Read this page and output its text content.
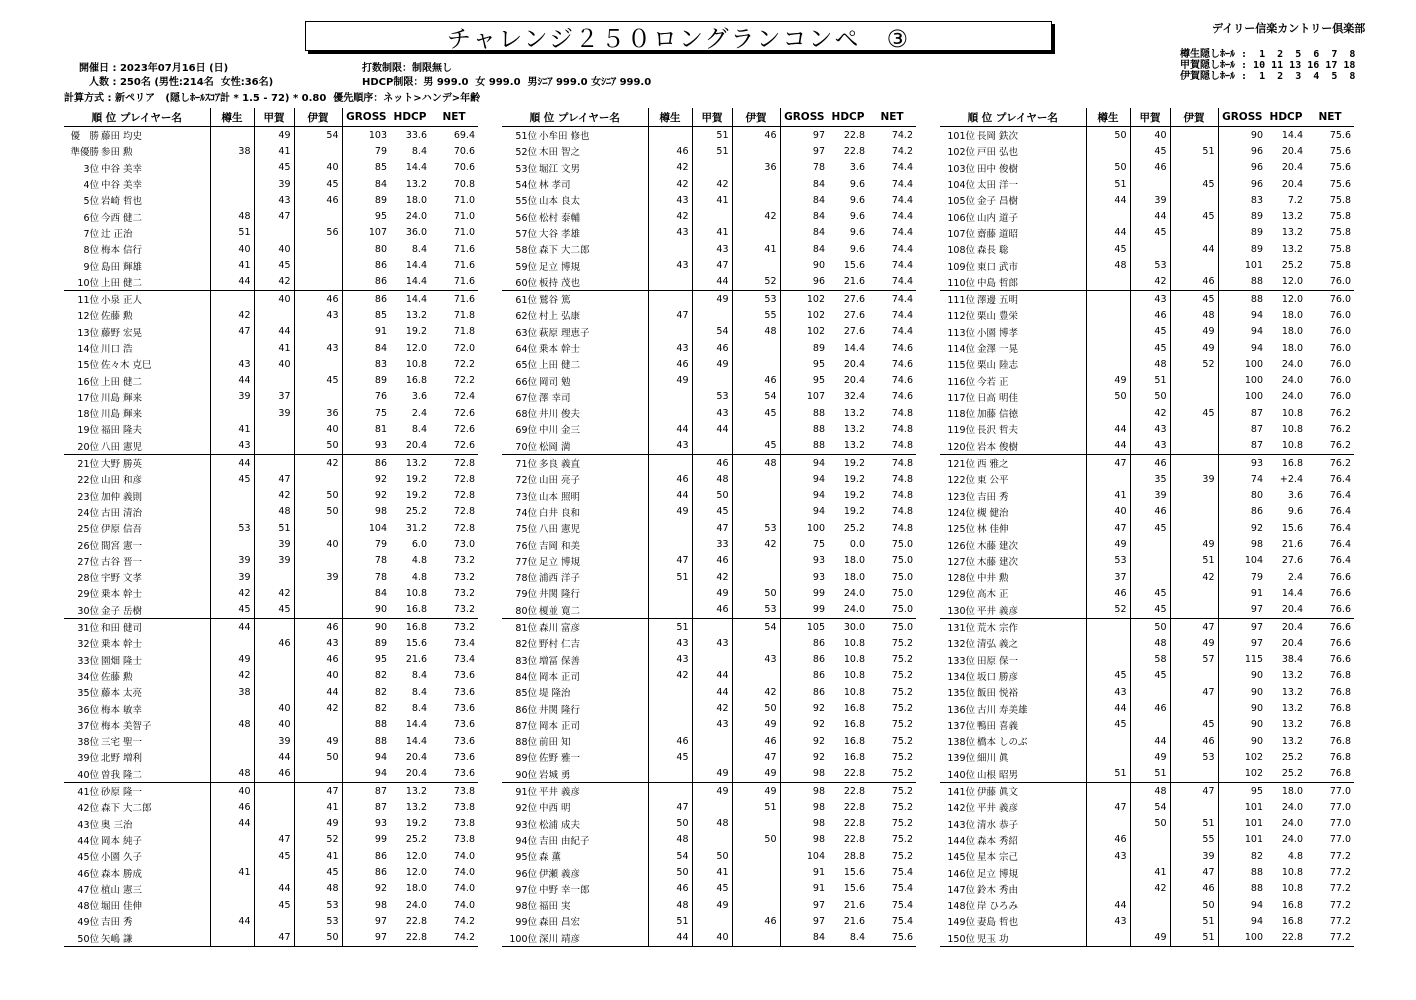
チャレンジ２５０ロングランコンペ　③	デイリー信楽カントリー倶楽部
樽生隠しﾎｰﾙ :  1  2  5  6  7  8
甲賀隠しﾎｰﾙ : 10 11 13 16 17 18
伊賀隠しﾎｰﾙ :  1  2  3  4  5  8
開催日 : 2023年07月16日 (日)
人数 : 250名 (男性:214名  女性:36名)
計算方式 : 新ペリア   (隠しﾎｰﾙｽｺｱ計 * 1.5 - 72) * 0.80  優先順序：ネット>ハンデ>年齢
打数制限：制限無し
HDCP制限：男 999.0  女 999.0  男ｼﾆｱ 999.0 女ｼﾆｱ 999.0
順 位 プレイヤー名	樽生	甲賀	伊賀	GROSS	HDCP	NET
優　勝 藤田 均史		49	54	103	33.6	69.4
準優勝 参田 勲	38	41		79	8.4	70.6
3位 中谷 美幸		45	40	85	14.4	70.6
4位 中谷 美幸		39	45	84	13.2	70.8
5位 岩崎 哲也		43	46	89	18.0	71.0
6位 今西 健二	48	47		95	24.0	71.0
7位 辻 正治	51		56	107	36.0	71.0
8位 梅本 信行	40	40		80	8.4	71.6
9位 島田 輝雄	41	45		86	14.4	71.6
10位 上田 健二	44	42		86	14.4	71.6
11位 小泉 正人		40	46	86	14.4	71.6
12位 佐藤 勲	42		43	85	13.2	71.8
13位 藤野 宏晃	47	44		91	19.2	71.8
14位 川口 浩		41	43	84	12.0	72.0
15位 佐々木 克巳	43	40		83	10.8	72.2
16位 上田 健二	44		45	89	16.8	72.2
17位 川島 輝来	39	37		76	3.6	72.4
18位 川島 輝来		39	36	75	2.4	72.6
19位 福田 隆夫	41		40	81	8.4	72.6
20位 八田 憲児	43		50	93	20.4	72.6
21位 大野 勝英	44		42	86	13.2	72.8
22位 山田 和彦	45	47		92	19.2	72.8
23位 加仲 義則		42	50	92	19.2	72.8
24位 古田 清治		48	50	98	25.2	72.8
25位 伊原 信吾	53	51		104	31.2	72.8
26位 間宮 憲一		39	40	79	6.0	73.0
27位 古谷 晋一	39	39		78	4.8	73.2
28位 宇野 文孝	39		39	78	4.8	73.2
29位 乗本 幹士	42	42		84	10.8	73.2
30位 金子 岳樹	45	45		90	16.8	73.2
31位 和田 健司	44		46	90	16.8	73.2
32位 乗本 幹士		46	43	89	15.6	73.4
33位 園畑 隆士	49		46	95	21.6	73.4
34位 佐藤 勲	42		40	82	8.4	73.6
35位 藤本 太亮	38		44	82	8.4	73.6
36位 梅本 敏幸		40	42	82	8.4	73.6
37位 梅本 美智子	48	40		88	14.4	73.6
38位 三宅 聖一		39	49	88	14.4	73.6
39位 北野 増利		44	50	94	20.4	73.6
40位 曽我 隆二	48	46		94	20.4	73.6
41位 砂原 隆一	40		47	87	13.2	73.8
42位 森下 大二郎	46		41	87	13.2	73.8
43位 奥 三治	44		49	93	19.2	73.8
44位 岡本 純子		47	52	99	25.2	73.8
45位 小園 久子		45	41	86	12.0	74.0
46位 森本 勝成	41		45	86	12.0	74.0
47位 植山 憲三		44	48	92	18.0	74.0
48位 堀田 佳伸		45	53	98	24.0	74.0
49位 吉田 秀	44		53	97	22.8	74.2
50位 矢嶋 謙		47	50	97	22.8	74.2
順 位 プレイヤー名	樽生	甲賀	伊賀	GROSS	HDCP	NET
51位 小牟田 修也		51	46	97	22.8	74.2
52位 木田 智之	46	51		97	22.8	74.2
53位 堀江 文男	42		36	78	3.6	74.4
54位 林 孝司	42	42		84	9.6	74.4
55位 山本 良太	43	41		84	9.6	74.4
56位 松村 泰輔	42		42	84	9.6	74.4
57位 大谷 孝雄	43	41		84	9.6	74.4
58位 森下 大二郎		43	41	84	9.6	74.4
59位 足立 博規	43	47		90	15.6	74.4
60位 板持 茂也		44	52	96	21.6	74.4
61位 鷲谷 篤		49	53	102	27.6	74.4
62位 村上 弘康	47		55	102	27.6	74.4
63位 萩原 理恵子		54	48	102	27.6	74.4
64位 乗本 幹士	43	46		89	14.4	74.6
65位 上田 健二	46	49		95	20.4	74.6
66位 岡司 勉	49		46	95	20.4	74.6
67位 澤 幸司		53	54	107	32.4	74.6
68位 井川 俊夫		43	45	88	13.2	74.8
69位 中川 金三	44	44		88	13.2	74.8
70位 松岡 満	43		45	88	13.2	74.8
71位 多良 義直		46	48	94	19.2	74.8
72位 山田 亮子	46	48		94	19.2	74.8
73位 山本 照明	44	50		94	19.2	74.8
74位 白井 良和	49	45		94	19.2	74.8
75位 八田 憲児		47	53	100	25.2	74.8
76位 吉岡 和美		33	42	75	0.0	75.0
77位 足立 博規	47	46		93	18.0	75.0
78位 浦西 洋子	51	42		93	18.0	75.0
79位 井関 隆行		49	50	99	24.0	75.0
80位 榎並 寛二		46	53	99	24.0	75.0
81位 森川 富彦	51		54	105	30.0	75.0
82位 野村 仁吉	43	43		86	10.8	75.2
83位 増冨 保善	43		43	86	10.8	75.2
84位 岡本 正司	42	44		86	10.8	75.2
85位 堤 隆治		44	42	86	10.8	75.2
86位 井関 隆行		42	50	92	16.8	75.2
87位 岡本 正司		43	49	92	16.8	75.2
88位 前田 知	46		46	92	16.8	75.2
89位 佐野 雅一	45		47	92	16.8	75.2
90位 岩城 勇		49	49	98	22.8	75.2
91位 平井 義彦		49	49	98	22.8	75.2
92位 中西 明	47		51	98	22.8	75.2
93位 松浦 成夫	50	48		98	22.8	75.2
94位 吉田 由紀子	48		50	98	22.8	75.2
95位 森 薫	54	50		104	28.8	75.2
96位 伊瀬 義彦	50	41		91	15.6	75.4
97位 中野 幸一郎	46	45		91	15.6	75.4
98位 福田 実	48	49		97	21.6	75.4
99位 森田 昌宏	51		46	97	21.6	75.4
100位 深川 靖彦	44	40		84	8.4	75.6
順 位 プレイヤー名	樽生	甲賀	伊賀	GROSS	HDCP	NET
101位 長岡 鉄次	50	40		90	14.4	75.6
102位 戸田 弘也		45	51	96	20.4	75.6
103位 田中 俊樹	50	46		96	20.4	75.6
104位 太田 洋一	51		45	96	20.4	75.6
105位 金子 昌樹	44	39		83	7.2	75.8
106位 山内 道子		44	45	89	13.2	75.8
107位 齋藤 道昭	44	45		89	13.2	75.8
108位 森長 聡	45		44	89	13.2	75.8
109位 東口 武市	48	53		101	25.2	75.8
110位 中島 哲郎		42	46	88	12.0	76.0
111位 澤邊 五明		43	45	88	12.0	76.0
112位 栗山 豊栄		46	48	94	18.0	76.0
113位 小園 博孝		45	49	94	18.0	76.0
114位 金澤 一晃		45	49	94	18.0	76.0
115位 栗山 陸志		48	52	100	24.0	76.0
116位 今若 正	49	51		100	24.0	76.0
117位 日高 明佳	50	50		100	24.0	76.0
118位 加藤 信徳		42	45	87	10.8	76.2
119位 長沢 哲夫	44	43		87	10.8	76.2
120位 岩本 俊樹	44	43		87	10.8	76.2
121位 西 雅之	47	46		93	16.8	76.2
122位 東 公平		35	39	74	+2.4	76.4
123位 吉田 秀	41	39		80	3.6	76.4
124位 槻 健治	40	46		86	9.6	76.4
125位 林 佳伸	47	45		92	15.6	76.4
126位 木藤 建次	49		49	98	21.6	76.4
127位 木藤 建次	53		51	104	27.6	76.4
128位 中井 勲	37		42	79	2.4	76.6
129位 高木 正	46	45		91	14.4	76.6
130位 平井 義彦	52	45		97	20.4	76.6
131位 荒木 宗作		50	47	97	20.4	76.6
132位 清弘 義之		48	49	97	20.4	76.6
133位 田原 保一		58	57	115	38.4	76.6
134位 坂口 勝彦	45	45		90	13.2	76.8
135位 飯田 悦裕	43		47	90	13.2	76.8
136位 古川 寿美雄	44	46		90	13.2	76.8
137位 鴨田 喜義	45		45	90	13.2	76.8
138位 橋本 しのぶ		44	46	90	13.2	76.8
139位 細川 眞		49	53	102	25.2	76.8
140位 山根 昭男	51	51		102	25.2	76.8
141位 伊藤 眞文		48	47	95	18.0	77.0
142位 平井 義彦	47	54		101	24.0	77.0
143位 清水 恭子		50	51	101	24.0	77.0
144位 森本 秀紹	46		55	101	24.0	77.0
145位 星本 宗己	43		39	82	4.8	77.2
146位 足立 博規		41	47	88	10.8	77.2
147位 鈴木 秀由		42	46	88	10.8	77.2
148位 岸 ひろみ	44		50	94	16.8	77.2
149位 妻島 哲也	43		51	94	16.8	77.2
150位 児玉 功		49	51	100	22.8	77.2
